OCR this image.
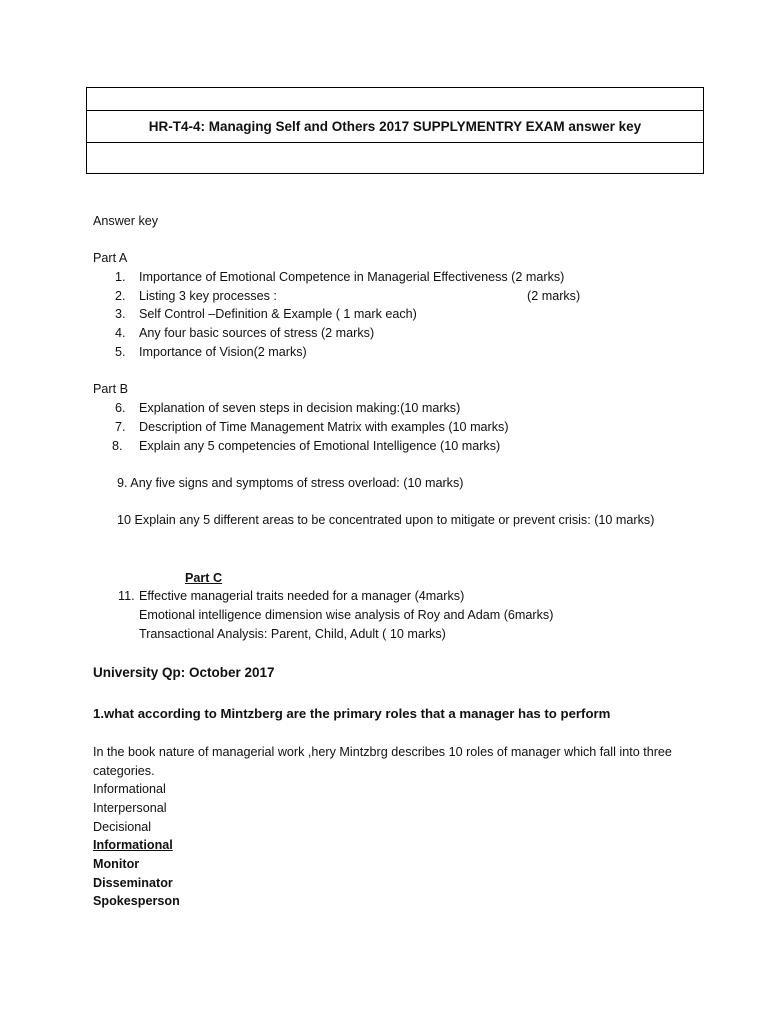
HR-T4-4: Managing Self and Others 2017 SUPPLYMENTRY EXAM answer key
Answer key
Part A
1. Importance of Emotional Competence in Managerial Effectiveness (2 marks)
2. Listing 3 key processes :	(2 marks)
3. Self Control –Definition & Example ( 1 mark each)
4. Any four basic sources of stress (2 marks)
5. Importance of Vision(2 marks)
Part B
6. Explanation of seven steps in decision making:(10 marks)
7. Description of Time Management Matrix with examples (10 marks)
8. Explain any 5 competencies of Emotional Intelligence (10 marks)
9. Any five signs and symptoms of stress overload: (10 marks)
10 Explain any 5 different areas to be concentrated upon to mitigate or prevent crisis: (10 marks)
Part C
11. Effective managerial traits needed for a manager (4marks)
Emotional intelligence dimension wise analysis of Roy and Adam (6marks)
Transactional Analysis: Parent, Child, Adult ( 10 marks)
University Qp: October 2017
1.what according to Mintzberg are the primary roles that a manager has to perform
In the book nature of managerial work ,hery Mintzbrg describes 10 roles of manager which fall into three
categories.
Informational
Interpersonal
Decisional
Informational
Monitor
Disseminator
Spokesperson
